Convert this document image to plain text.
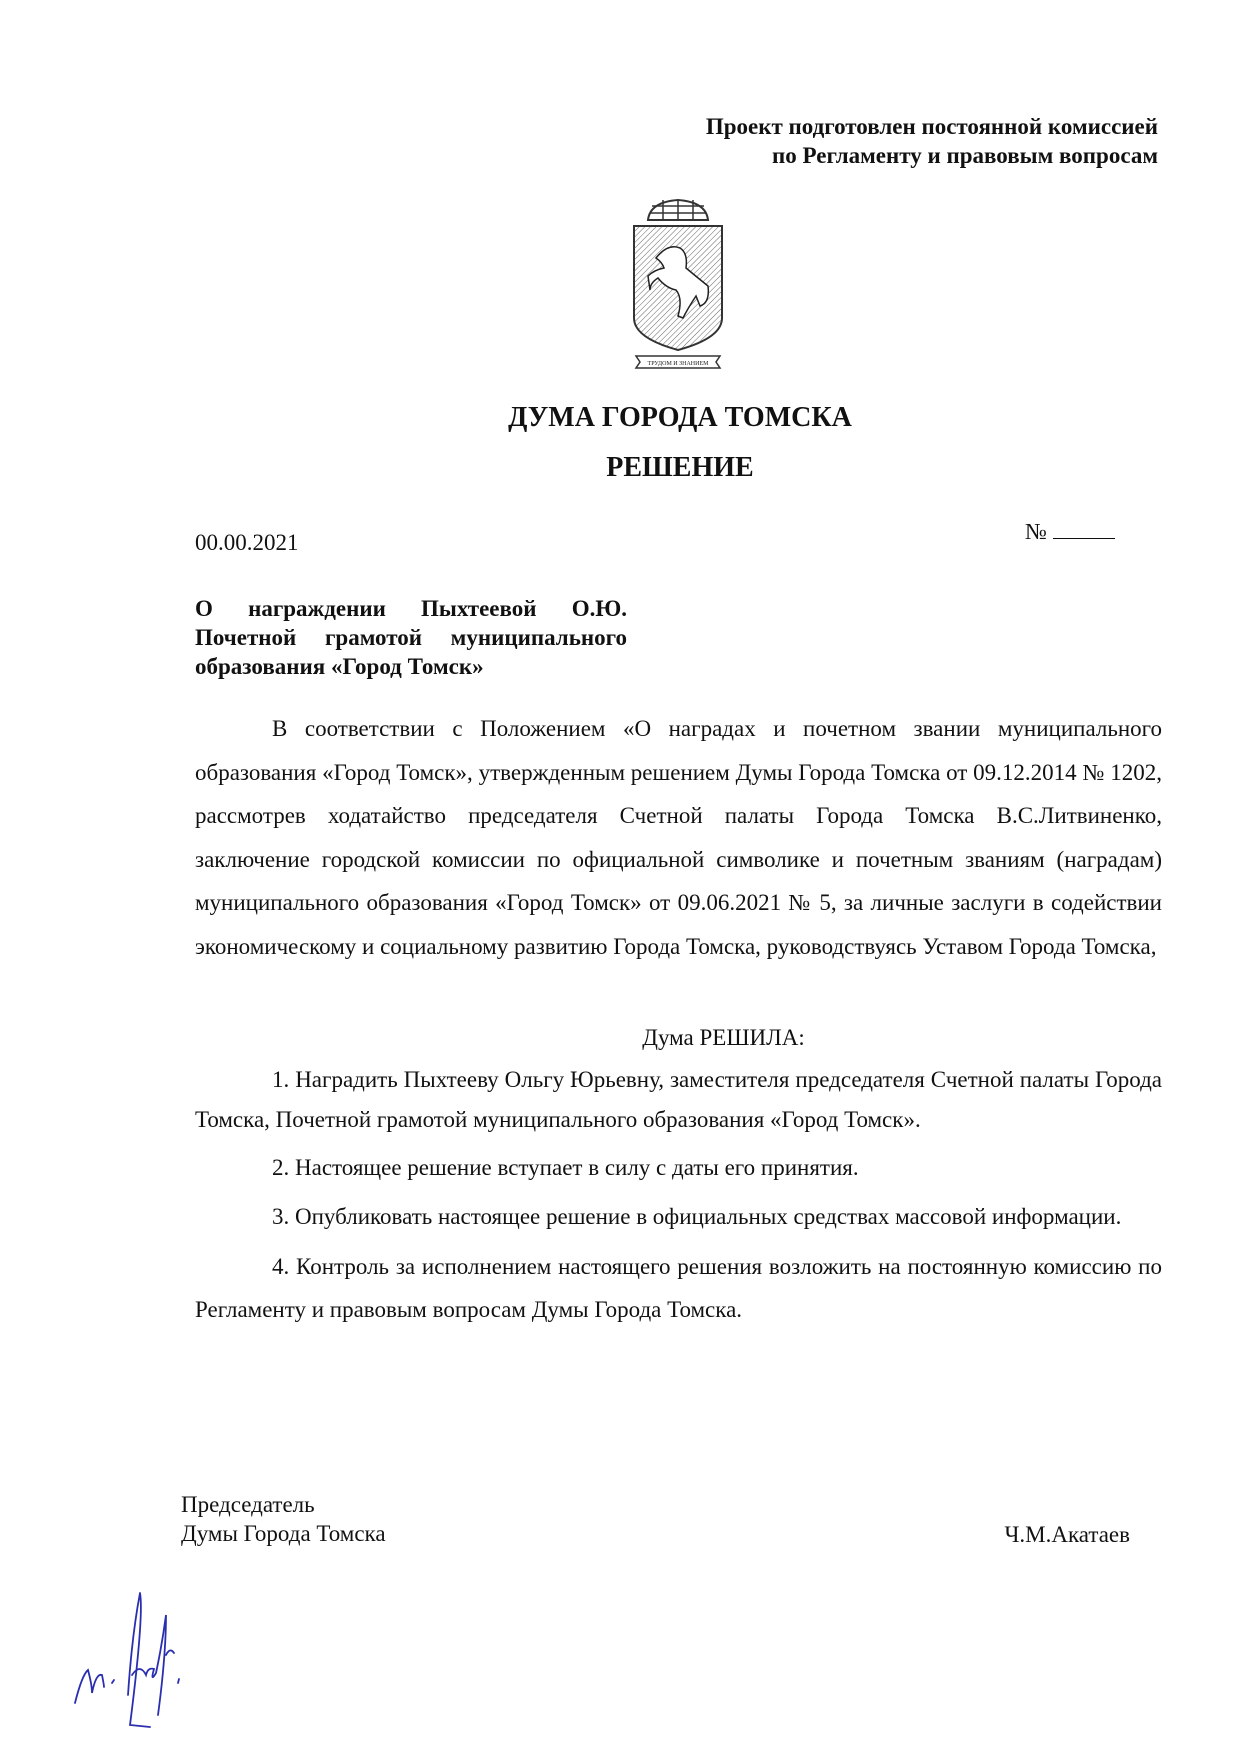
Проект подготовлен постоянной комиссией
по Регламенту и правовым вопросам
ТРУДОМ И ЗНАНИЕМ
ДУМА ГОРОДА ТОМСКА
РЕШЕНИЕ
00.00.2021	№
О награждении Пыхтеевой О.Ю.
Почетной грамотой муниципального
образования «Город Томск»

В соответствии с Положением «О наградах и почетном звании муниципального образования «Город Томск», утвержденным решением Думы Города Томска от 09.12.2014 № 1202, рассмотрев ходатайство председателя Счетной палаты Города Томска В.С.Литвиненко, заключение городской комиссии по официальной символике и почетным званиям (наградам) муниципального образования «Город Томск» от 09.06.2021 № 5, за личные заслуги в содействии экономическому и социальному развитию Города Томска, руководствуясь Уставом Города Томска,

Дума РЕШИЛА:

1. Наградить Пыхтееву Ольгу Юрьевну, заместителя председателя Счетной палаты Города Томска, Почетной грамотой муниципального образования «Город Томск».

2. Настоящее решение вступает в силу с даты его принятия.

3. Опубликовать настоящее решение в официальных средствах массовой информации.

4. Контроль за исполнением настоящего решения возложить на постоянную комиссию по Регламенту и правовым вопросам Думы Города Томска.

Председатель
Думы Города Томска	Ч.М.Акатаев
